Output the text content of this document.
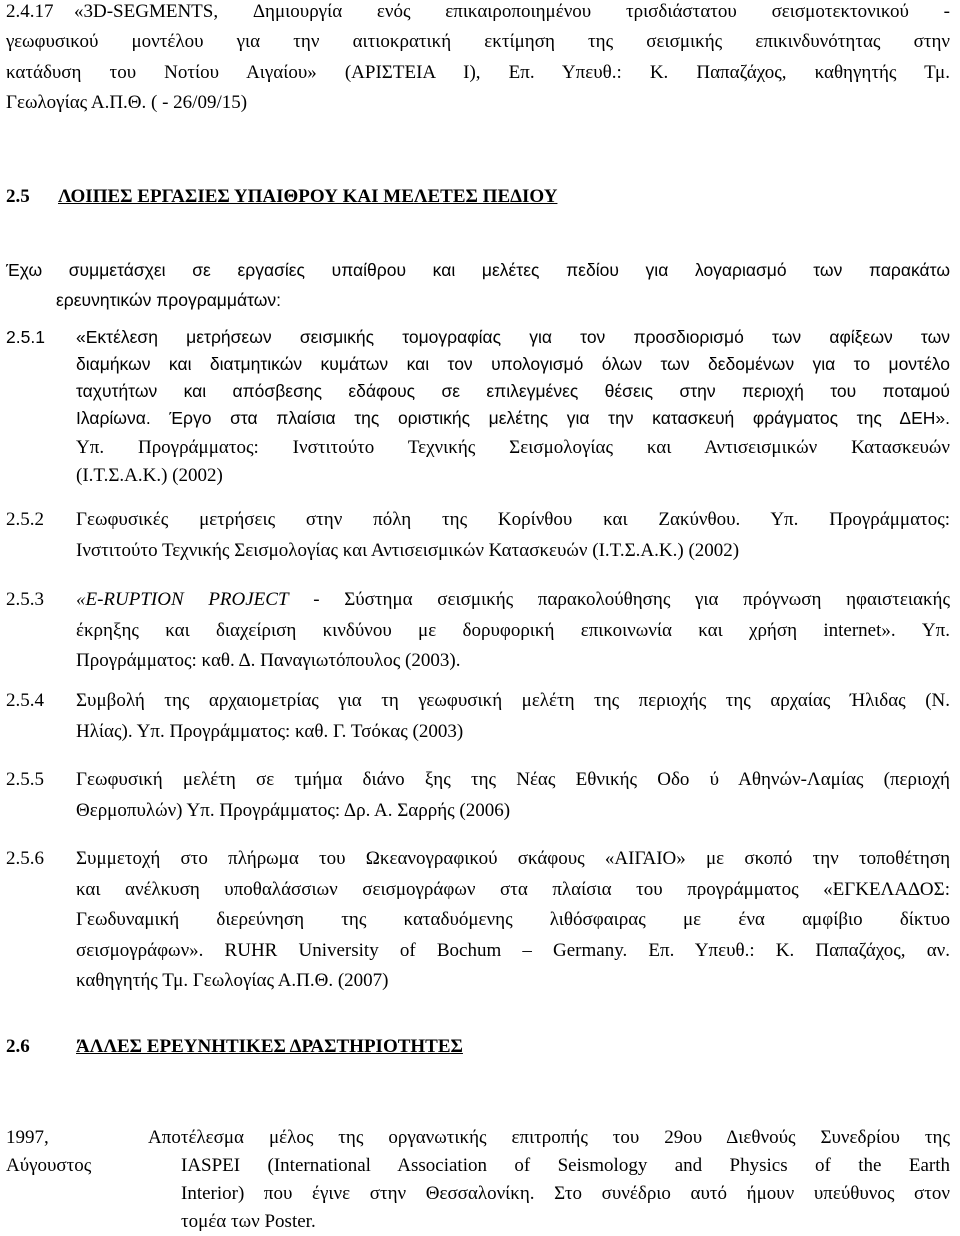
2.4.17 «3D-SEGMENTS, Δημιουργία ενός επικαιροποιημένου τρισδιάστατου σεισμοτεκτονικού -
γεωφυσικού μοντέλου για την αιτιοκρατική εκτίμηση της σεισμικής επικινδυνότητας στην
κατάδυση του Νοτίου Αιγαίου» (ΑΡΙΣΤΕΙΑ Ι), Επ. Υπευθ.: Κ. Παπαζάχος, καθηγητής Τμ.
Γεωλογίας Α.Π.Θ. ( - 26/09/15)
2.5 ΛΟΙΠΕΣ ΕΡΓΑΣΙΕΣ ΥΠΑΙΘΡΟΥ ΚΑΙ ΜΕΛΕΤΕΣ ΠΕΔΙΟΥ
Έχω συμμετάσχει σε εργασίες υπαίθρου και μελέτες πεδίου για λογαριασμό των παρακάτω
ερευνητικών προγραμμάτων:
2.5.1 «Εκτέλεση μετρήσεων σεισμικής τομογραφίας για τον προσδιορισμό των αφίξεων των
διαμήκων και διατμητικών κυμάτων και τον υπολογισμό όλων των δεδομένων για το μοντέλο
ταχυτήτων και απόσβεσης εδάφους σε επιλεγμένες θέσεις στην περιοχή του ποταμού
Ιλαρίωνα. Έργο στα πλαίσια της οριστικής μελέτης για την κατασκευή φράγματος της ΔΕΗ».
Υπ. Προγράμματος: Ινστιτούτο Τεχνικής Σεισμολογίας και Αντισεισμικών Κατασκευών
(Ι.Τ.Σ.Α.Κ.) (2002)
2.5.2 Γεωφυσικές μετρήσεις στην πόλη της Κορίνθου και Ζακύνθου. Υπ. Προγράμματος:
Ινστιτούτο Τεχνικής Σεισμολογίας και Αντισεισμικών Κατασκευών (Ι.Τ.Σ.Α.Κ.) (2002)
2.5.3 «E-RUPTION PROJECT - Σύστημα σεισμικής παρακολούθησης για πρόγνωση ηφαιστειακής
έκρηξης και διαχείριση κινδύνου με δορυφορική επικοινωνία και χρήση internet». Υπ.
Προγράμματος: καθ. Δ. Παναγιωτόπουλος (2003).
2.5.4 Συμβολή της αρχαιομετρίας για τη γεωφυσική μελέτη της περιοχής της αρχαίας Ήλιδας (Ν.
Ηλίας). Υπ. Προγράμματος: καθ. Γ. Τσόκας (2003)
2.5.5 Γεωφυσική μελέτη σε τμήμα διάνο ξης της Νέας Εθνικής Οδο ύ Αθηνών-Λαμίας (περιοχή
Θερμοπυλών) Υπ. Προγράμματος: Δρ. Α. Σαρρής (2006)
2.5.6 Συμμετοχή στο πλήρωμα του Ωκεανογραφικού σκάφους «ΑΙΓΑΙΟ» με σκοπό την τοποθέτηση
και ανέλκυση υποθαλάσσιων σεισμογράφων στα πλαίσια του προγράμματος «ΕΓΚΕΛΑΔΟΣ:
Γεωδυναμική διερεύνηση της καταδυόμενης λιθόσφαιρας με ένα αμφίβιο δίκτυο
σεισμογράφων». RUHR University of Bochum – Germany. Επ. Υπευθ.: Κ. Παπαζάχος, αν.
καθηγητής Τμ. Γεωλογίας Α.Π.Θ. (2007)
2.6 ΆΛΛΕΣ ΕΡΕΥΝΗΤΙΚΕΣ ΔΡΑΣΤΗΡΙΟΤΗΤΕΣ
1997,
Αύγουστος
Αποτέλεσμα μέλος της οργανωτικής επιτροπής του 29ου Διεθνούς Συνεδρίου της
IASPEI (International Association of Seismology and Physics of the Earth
Interior) που έγινε στην Θεσσαλονίκη. Στο συνέδριο αυτό ήμουν υπεύθυνος στον
τομέα των Poster.
